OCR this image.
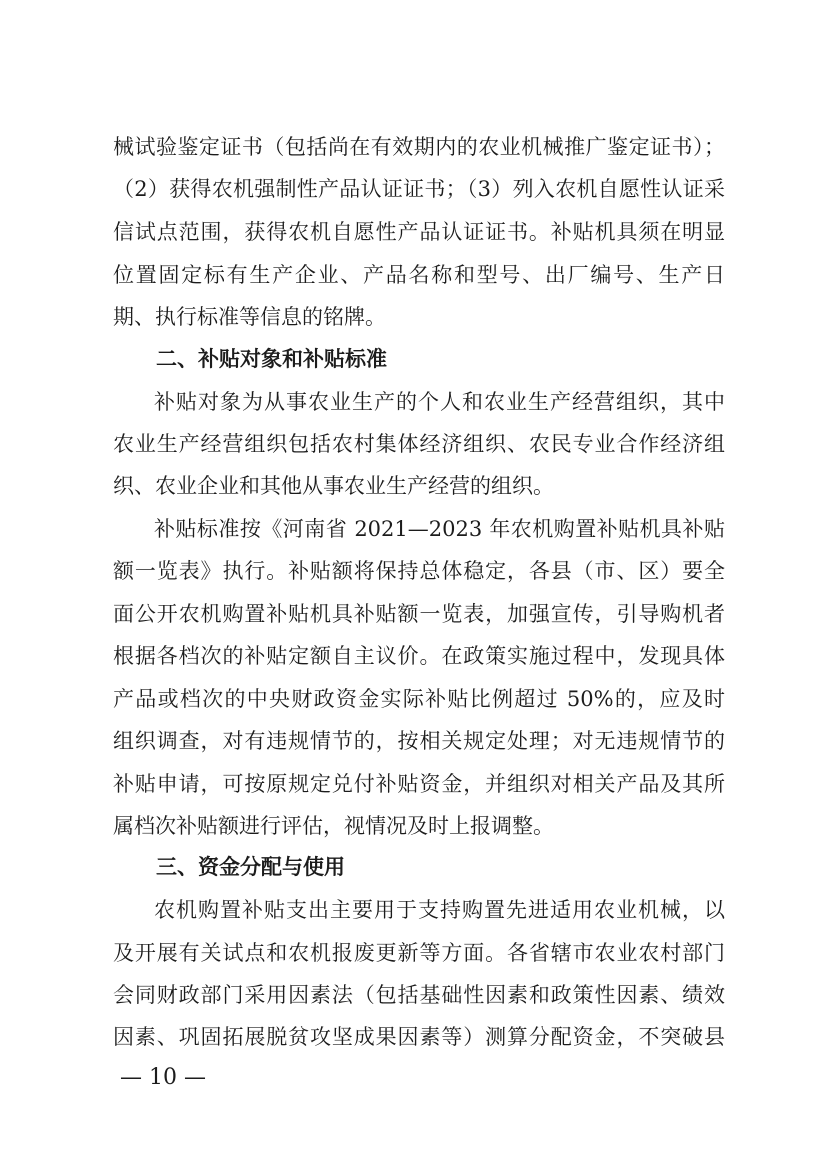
械试验鉴定证书（包括尚在有效期内的农业机械推广鉴定证书）；
（2）获得农机强制性产品认证证书；（3）列入农机自愿性认证采
信试点范围，获得农机自愿性产品认证证书。补贴机具须在明显
位置固定标有生产企业、产品名称和型号、出厂编号、生产日
期、执行标准等信息的铭牌。
二、补贴对象和补贴标准
补贴对象为从事农业生产的个人和农业生产经营组织，其中
农业生产经营组织包括农村集体经济组织、农民专业合作经济组
织、农业企业和其他从事农业生产经营的组织。
补贴标准按《河南省 2021—2023 年农机购置补贴机具补贴
额一览表》执行。补贴额将保持总体稳定，各县（市、区）要全
面公开农机购置补贴机具补贴额一览表，加强宣传，引导购机者
根据各档次的补贴定额自主议价。在政策实施过程中，发现具体
产品或档次的中央财政资金实际补贴比例超过 50%的，应及时
组织调查，对有违规情节的，按相关规定处理；对无违规情节的
补贴申请，可按原规定兑付补贴资金，并组织对相关产品及其所
属档次补贴额进行评估，视情况及时上报调整。
三、资金分配与使用
农机购置补贴支出主要用于支持购置先进适用农业机械，以
及开展有关试点和农机报废更新等方面。各省辖市农业农村部门
会同财政部门采用因素法（包括基础性因素和政策性因素、绩效
因素、巩固拓展脱贫攻坚成果因素等）测算分配资金，不突破县
— 10 —
